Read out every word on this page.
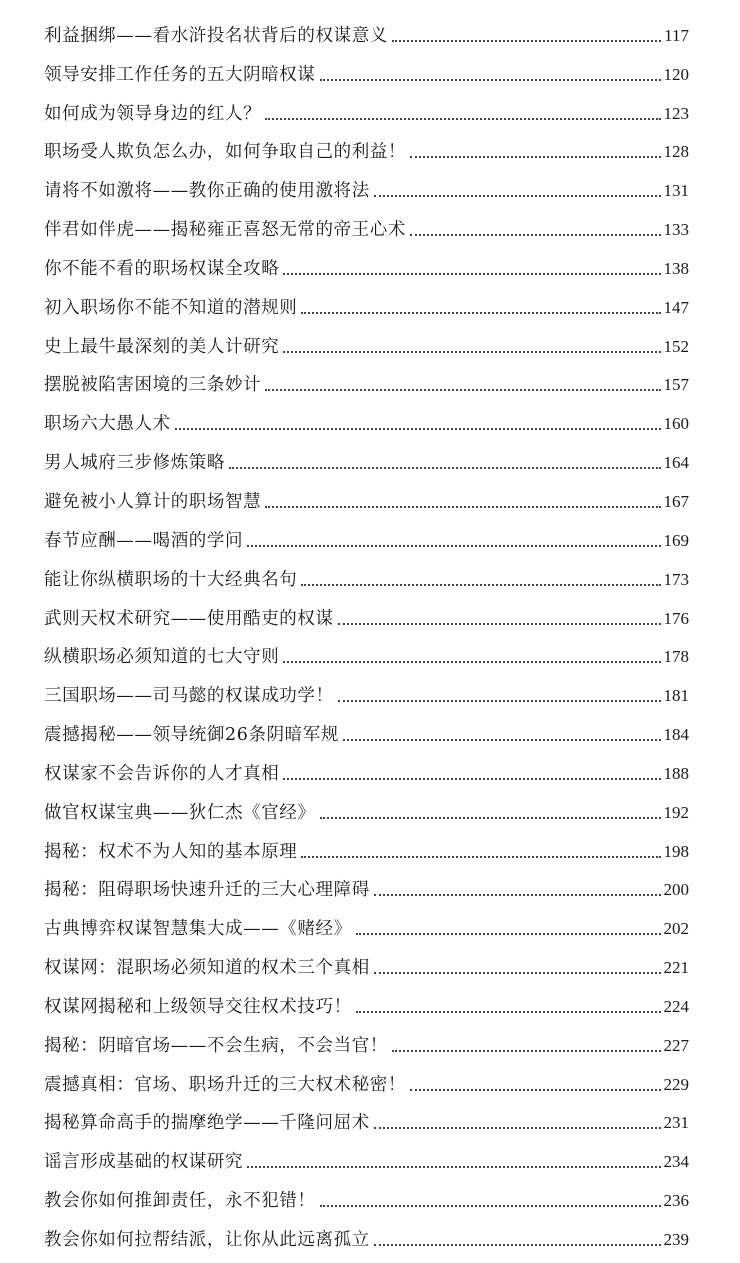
利益捆绑——看水浒投名状背后的权谋意义	117
领导安排工作任务的五大阴暗权谋	120
如何成为领导身边的红人？	123
职场受人欺负怎么办，如何争取自己的利益！	128
请将不如激将——教你正确的使用激将法	131
伴君如伴虎——揭秘雍正喜怒无常的帝王心术	133
你不能不看的职场权谋全攻略	138
初入职场你不能不知道的潜规则	147
史上最牛最深刻的美人计研究	152
摆脱被陷害困境的三条妙计	157
职场六大愚人术	160
男人城府三步修炼策略	164
避免被小人算计的职场智慧	167
春节应酬——喝酒的学问	169
能让你纵横职场的十大经典名句	173
武则天权术研究——使用酷吏的权谋	176
纵横职场必须知道的七大守则	178
三国职场——司马懿的权谋成功学！	181
震撼揭秘——领导统御26条阴暗军规	184
权谋家不会告诉你的人才真相	188
做官权谋宝典——狄仁杰《官经》	192
揭秘：权术不为人知的基本原理	198
揭秘：阻碍职场快速升迁的三大心理障碍	200
古典博弈权谋智慧集大成——《赌经》	202
权谋网：混职场必须知道的权术三个真相	221
权谋网揭秘和上级领导交往权术技巧！	224
揭秘：阴暗官场——不会生病，不会当官！	227
震撼真相：官场、职场升迁的三大权术秘密！	229
揭秘算命高手的揣摩绝学——千隆问屈术	231
谣言形成基础的权谋研究	234
教会你如何推卸责任，永不犯错！	236
教会你如何拉帮结派，让你从此远离孤立	239
